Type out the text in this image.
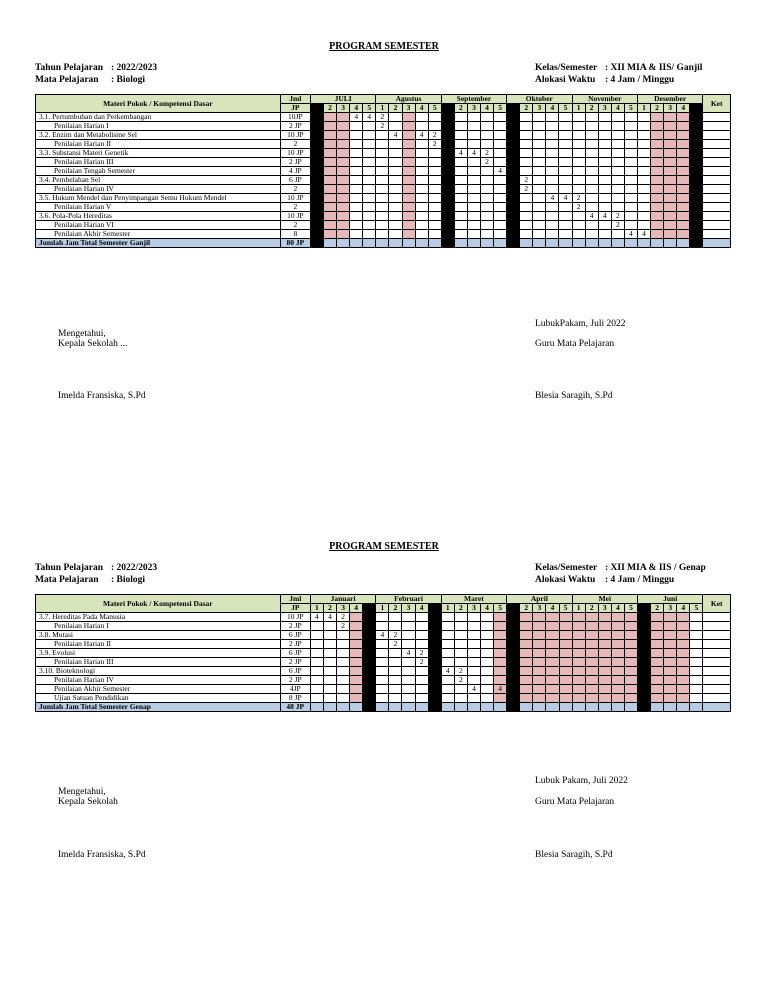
PROGRAM SEMESTER
Tahun Pelajaran : 2022/2023
Mata Pelajaran : Biologi
Kelas/Semester : XII MIA & IIS/ Ganjil
Alokasi Waktu : 4 Jam / Minggu
Materi Pokok / Kompetensi Dasar	Jml	JULI					Agustus					September					Oktober					November					Desember					Ket
	JP		2	3	4	5	1	2	3	4	5		2	3	4	5		2	3	4	5	1	2	3	4	5	1	2	3	4		
3.1. Pertumbuhan dan Perkembangan	10JP				4	4	2																									
Penilaian Harian I	2 JP						2																									
3.2. Enzim dan Metabolisme Sel	10 JP							4		4	2																					
Penilaian Harian II	2										2																					
3.3. Substansi Materi Genetik	10 JP												4	4	2																	
Penilaian Harian III	2 JP														2																	
Penilaian Tengah Semester	4 JP															4																
3.4. Pembelahan Sel	6 JP																4	2														
Penilaian Harian IV	2																	2														
3.5. Hukum Mendel dan Penyimpangan Semu Hukum Mendel	10 JP																			4	4	2										
Penilaian Harian V	2																					2										
3.6. Pola-Pola Hereditas	10 JP																						4	4	2							
Penilaian Harian VI	2																								2							
Penilaian Akhir Semester	8																									4	4					
Jumlah Jam Total Semester Ganjil	80 JP																															
LubukPakam, Juli 2022
Mengetahui,
Kepala Sekolah ...	Guru Mata Pelajaran
Imelda Fransiska, S.Pd	Blesia Saragih, S.Pd
PROGRAM SEMESTER
Tahun Pelajaran : 2022/2023
Mata Pelajaran : Biologi
Kelas/Semester : XII MIA & IIS / Genap
Alokasi Waktu : 4 Jam / Minggu
Materi Pokok / Kompetensi Dasar	Jml	Januari					Februari					Maret					April					Mei					Juni					Ket
	JP	1	2	3	4		1	2	3	4		1	2	3	4	5		2	3	4	5	1	2	3	4	5		2	3	4	5	
3.7. Hereditas Pada Manusia	10 JP	4	4	2																												
Penilaian Harian I	2 JP			2																												
3.8. Mutasi	6 JP						4	2																								
Penilaian Harian II	2 JP							2																								
3.9. Evolusi	6 JP								4	2																						
Penilaian Harian III	2 JP									2																						
3.10. Bioteknologi	6 JP											4	2																			
Penilaian Harian IV	2 JP												2																			
Penilaian Akhir Semester	4JP													4		4																
Ujian Satuan Pendidikan	8 JP																4															
Jumlah Jam Total Semester Genap	48 JP																															
Lubuk Pakam, Juli 2022
Mengetahui,
Kepala Sekolah	Guru Mata Pelajaran
Imelda Fransiska, S.Pd	Blesia Saragih, S.Pd
